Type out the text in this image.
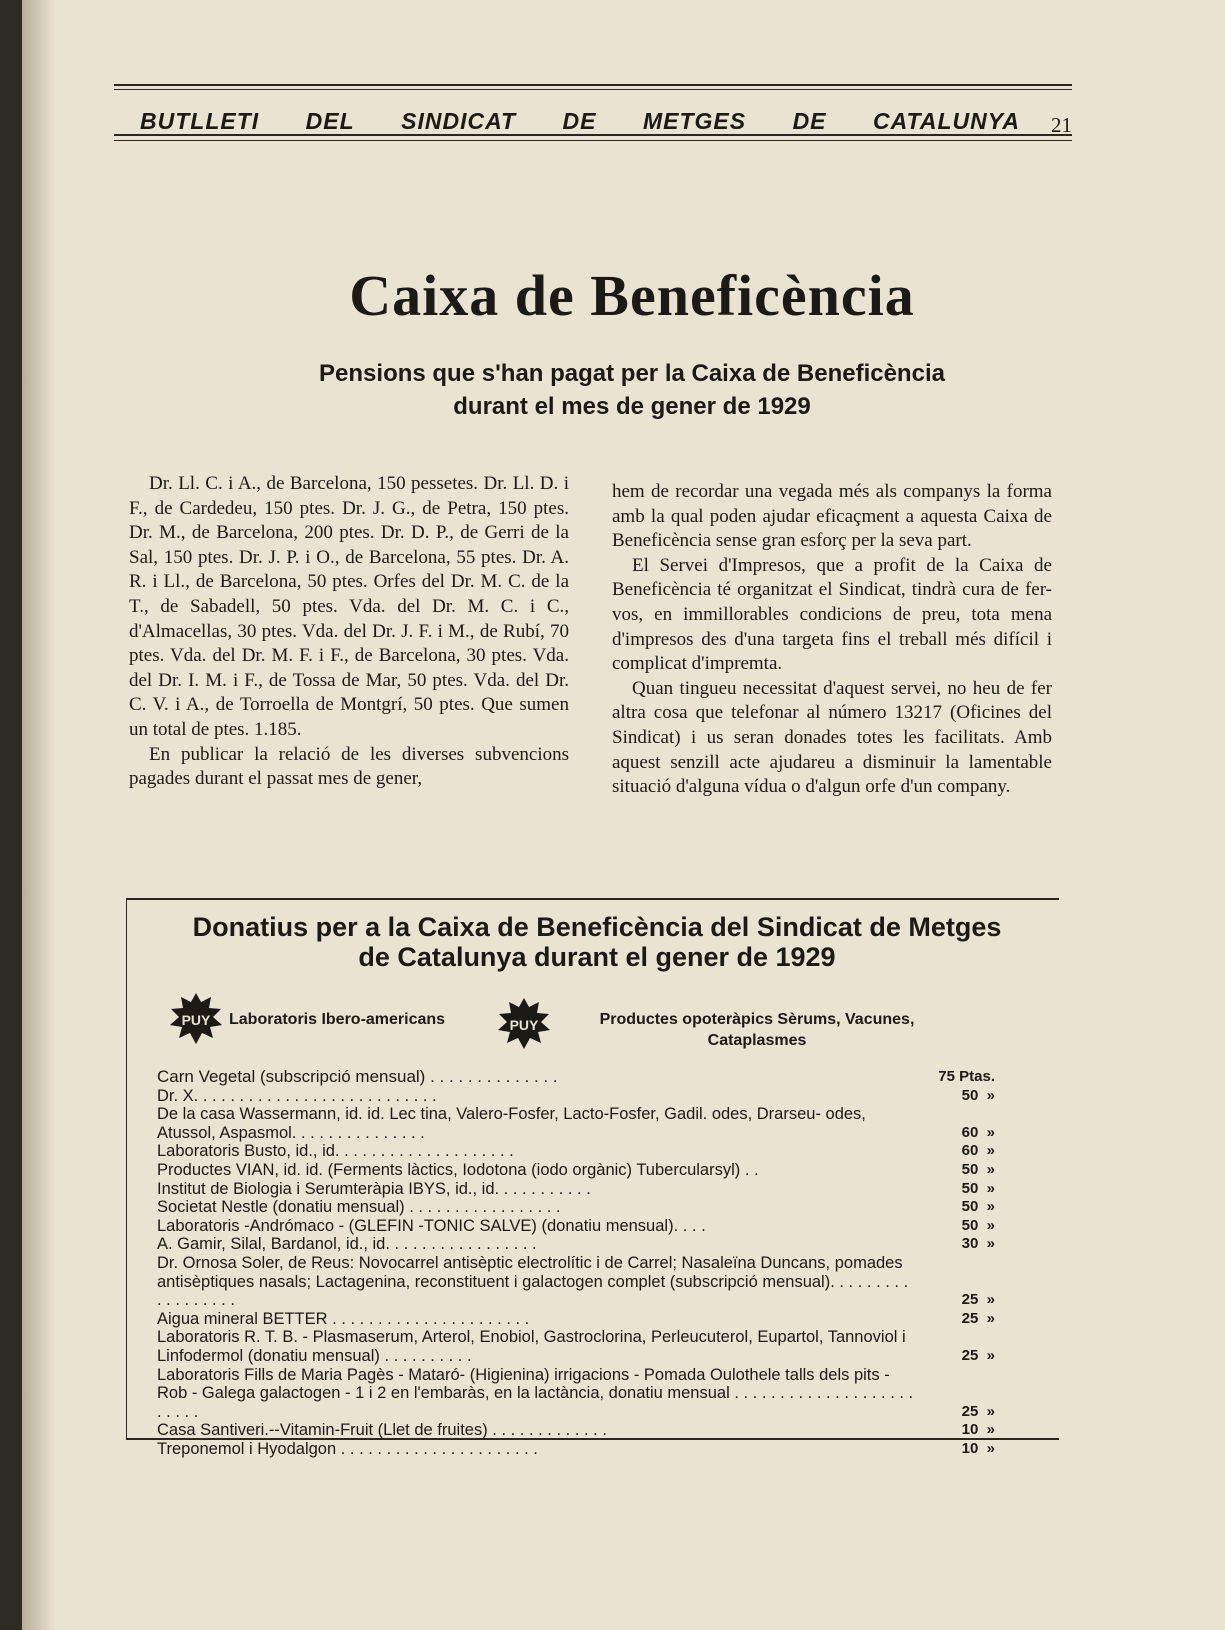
BUTLLETI DEL SINDICAT DE METGES DE CATALUNYA 21
Caixa de Beneficència
Pensions que s'han pagat per la Caixa de Beneficència
durant el mes de gener de 1929

Dr. Ll. C. i A., de Barcelona, 150 pessetes. Dr. Ll. D. i F., de Cardedeu, 150 ptes. Dr. J. G., de Petra, 150 ptes. Dr. M., de Barcelona, 200 ptes. Dr. D. P., de Gerri de la Sal, 150 ptes. Dr. J. P. i O., de Barcelona, 55 ptes. Dr. A. R. i Ll., de Barcelona, 50 ptes. Orfes del Dr. M. C. de la T., de Sabadell, 50 ptes. Vda. del Dr. M. C. i C., d'Almacellas, 30 ptes. Vda. del Dr. J. F. i M., de Rubí, 70 ptes. Vda. del Dr. M. F. i F., de Barcelona, 30 ptes. Vda. del Dr. I. M. i F., de Tossa de Mar, 50 ptes. Vda. del Dr. C. V. i A., de Torroella de Montgrí, 50 ptes. Que sumen un total de ptes. 1.185.

En publicar la relació de les diverses subvencions pagades durant el passat mes de gener,

hem de recordar una vegada més als companys la forma amb la qual poden ajudar eficaçment a aquesta Caixa de Beneficència sense gran esforç per la seva part.

El Servei d'Impresos, que a profit de la Caixa de Beneficència té organitzat el Sindicat, tindrà cura de fer-vos, en immillorables condicions de preu, tota mena d'impresos des d'una targeta fins el treball més difícil i complicat d'impremta.

Quan tingueu necessitat d'aquest servei, no heu de fer altra cosa que telefonar al número 13217 (Oficines del Sindicat) i us seran donades totes les facilitats. Amb aquest senzill acte ajudareu a disminuir la lamentable situació d'alguna vídua o d'algun orfe d'un company.

Donatius per a la Caixa de Beneficència del Sindicat de Metges
de Catalunya durant el gener de 1929
PUY Laboratoris Ibero-americans	PUY	Productes opoteràpics Sèrums, Vacunes,
Cataplasmes
Carn Vegetal (subscripció mensual) . . . . . . . . . . . . . .	75 Ptas.
Dr. X. . . . . . . . . . . . . . . . . . . . . . . . . . .	50  »
De la casa Wassermann, id. id. Lec tina, Valero-Fosfer, Lacto-Fosfer, Gadil. odes, Drarseu- odes, Atussol, Aspasmol. . . . . . . . . . . . . . .	60  »
Laboratoris Busto, id., id. . . . . . . . . . . . . . . . . . . .	60  »
Productes VIAN, id. id. (Ferments làctics, Iodotona (iodo orgànic) Tubercularsyl) . .	50  »
Institut de Biologia i Serumteràpia IBYS, id., id. . . . . . . . . . .	50  »
Societat Nestle (donatiu mensual) . . . . . . . . . . . . . . . . .	50  »
Laboratoris -Andrómaco - (GLEFIN -TONIC SALVE) (donatiu mensual). . . .	50  »
A. Gamir, Silal, Bardanol, id., id. . . . . . . . . . . . . . . . .	30  »
Dr. Ornosa Soler, de Reus: Novocarrel antisèptic electrolític i de Carrel; Nasaleïna Duncans, pomades antisèptiques nasals; Lactagenina, reconstituent i galactogen complet (subscripció mensual). . . . . . . . . . . . . . . . . .	25  »
Aigua mineral BETTER . . . . . . . . . . . . . . . . . . . . . .	25  »
Laboratoris R. T. B. - Plasmaserum, Arterol, Enobiol, Gastroclorina, Perleucuterol, Eupartol, Tannoviol i Linfodermol (donatiu mensual) . . . . . . . . . .	25  »
Laboratoris Fills de Maria Pagès - Mataró- (Higienina) irrigacions - Pomada Oulothele talls dels pits - Rob - Galega galactogen - 1 i 2 en l'embaràs, en la lactància, donatiu mensual . . . . . . . . . . . . . . . . . . . . . . . . .	25  »
Casa Santiveri.--Vitamin-Fruit (Llet de fruites) . . . . . . . . . . . . .	10  »
Treponemol i Hyodalgon . . . . . . . . . . . . . . . . . . . . . .	10  »
